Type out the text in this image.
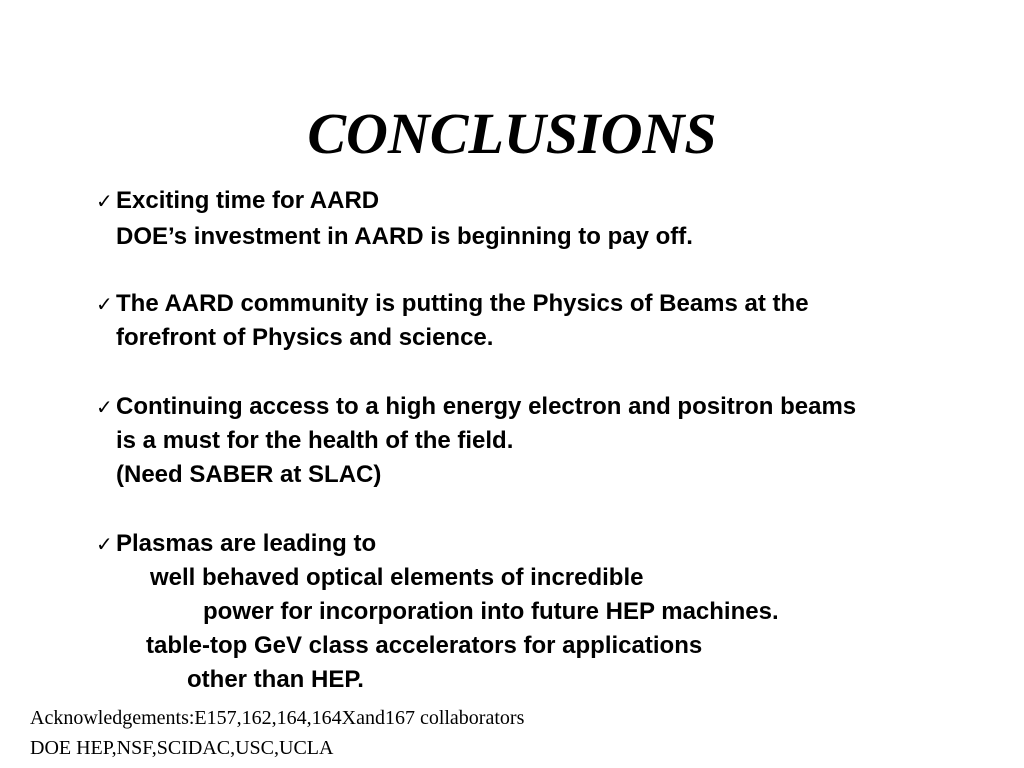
CONCLUSIONS
✓ Exciting time for AARD
DOE’s investment in AARD is beginning to pay off.
✓ The AARD community is putting the Physics of Beams at the
forefront of Physics and science.
✓ Continuing access to a high energy electron and positron beams
is a must for the health of the field.
(Need SABER at SLAC)
✓ Plasmas are leading to
well behaved optical elements of incredible
power for incorporation into future HEP machines.
table-top GeV class accelerators for applications
other than HEP.
Acknowledgements:E157,162,164,164Xand167 collaborators
DOE HEP,NSF,SCIDAC,USC,UCLA
